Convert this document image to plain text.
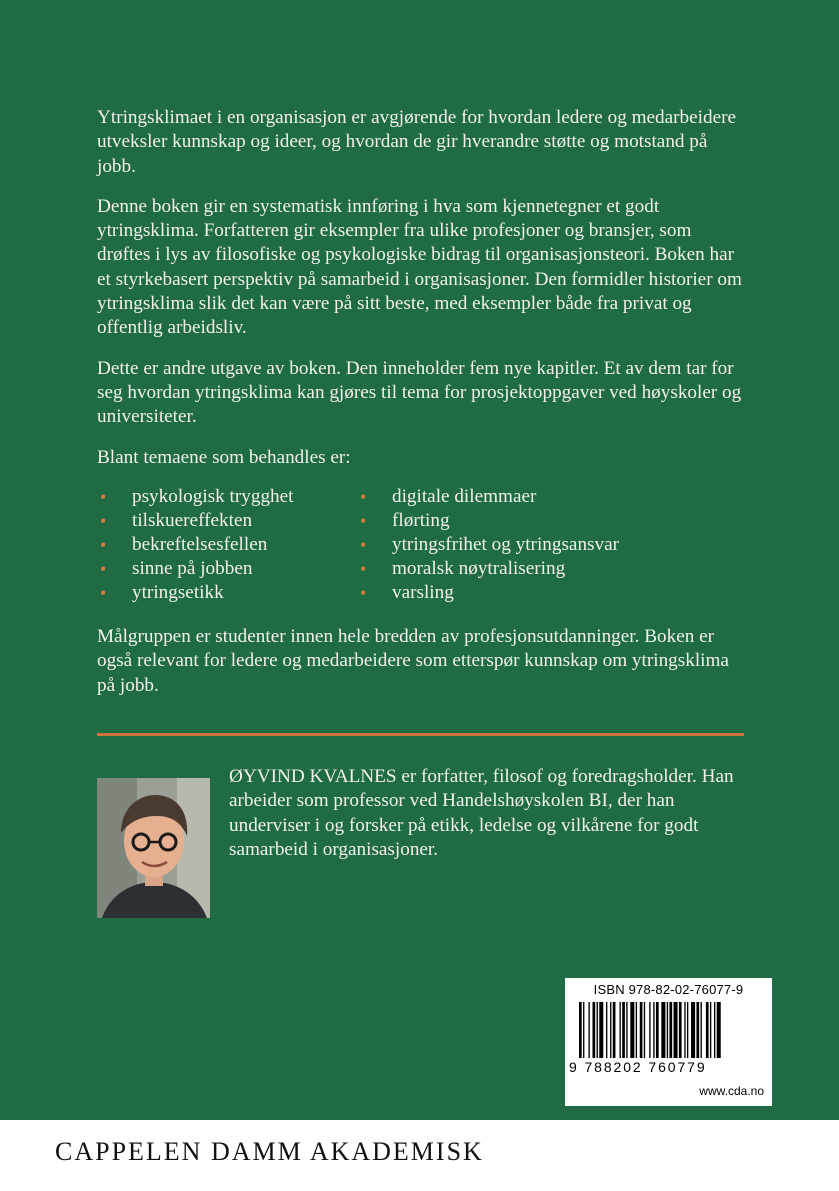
Ytringsklimaet i en organisasjon er avgjørende for hvordan ledere og medarbeidere utveksler kunnskap og ideer, og hvordan de gir hverandre støtte og motstand på jobb.

Denne boken gir en systematisk innføring i hva som kjennetegner et godt ytringsklima. Forfatteren gir eksempler fra ulike profesjoner og bransjer, som drøftes i lys av filosofiske og psykologiske bidrag til organisasjonsteori. Boken har et styrkebasert perspektiv på samarbeid i organisasjoner. Den formidler historier om ytringsklima slik det kan være på sitt beste, med eksempler både fra privat og offentlig arbeidsliv.

Dette er andre utgave av boken. Den inneholder fem nye kapitler. Et av dem tar for seg hvordan ytringsklima kan gjøres til tema for prosjektoppgaver ved høyskoler og universiteter.

Blant temaene som behandles er:

• psykologisk trygghet
• tilskuereffekten
• bekreftelsesfellen
• sinne på jobben
• ytringsetikk
• digitale dilemmaer
• flørting
• ytringsfrihet og ytringsansvar
• moralsk nøytralisering
• varsling

Målgruppen er studenter innen hele bredden av profesjonsutdanninger. Boken er også relevant for ledere og medarbeidere som etterspør kunnskap om ytringsklima på jobb.

ØYVIND KVALNES er forfatter, filosof og foredragsholder. Han arbeider som professor ved Handelshøyskolen BI, der han underviser i og forsker på etikk, ledelse og vilkårene for godt samarbeid i organisasjoner.

ISBN 978-82-02-76077-9
9 788202 760779
www.cda.no
CAPPELEN DAMM AKADEMISK
